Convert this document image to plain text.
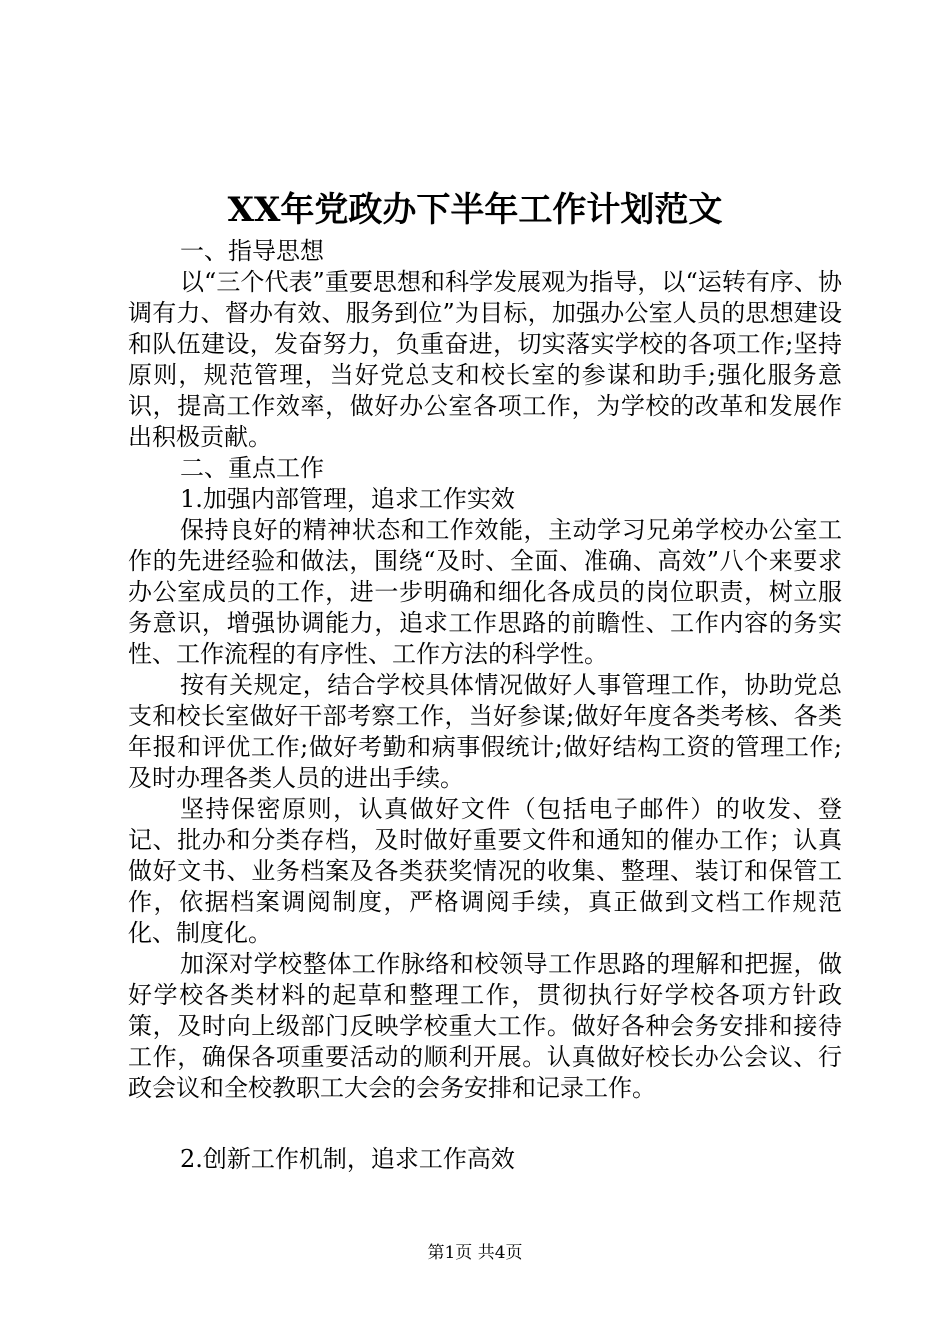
XX年党政办下半年工作计划范文

一、指导思想

以“三个代表”重要思想和科学发展观为指导，以“运转有序、协调有力、督办有效、服务到位”为目标，加强办公室人员的思想建设和队伍建设，发奋努力，负重奋进，切实落实学校的各项工作;坚持原则，规范管理，当好党总支和校长室的参谋和助手;强化服务意识，提高工作效率，做好办公室各项工作，为学校的改革和发展作出积极贡献。

二、重点工作

1.加强内部管理，追求工作实效

保持良好的精神状态和工作效能，主动学习兄弟学校办公室工作的先进经验和做法，围绕“及时、全面、准确、高效”八个来要求办公室成员的工作，进一步明确和细化各成员的岗位职责，树立服务意识，增强协调能力，追求工作思路的前瞻性、工作内容的务实性、工作流程的有序性、工作方法的科学性。

按有关规定，结合学校具体情况做好人事管理工作，协助党总支和校长室做好干部考察工作，当好参谋;做好年度各类考核、各类年报和评优工作;做好考勤和病事假统计;做好结构工资的管理工作;及时办理各类人员的进出手续。

坚持保密原则，认真做好文件（包括电子邮件）的收发、登记、批办和分类存档，及时做好重要文件和通知的催办工作；认真做好文书、业务档案及各类获奖情况的收集、整理、装订和保管工作，依据档案调阅制度，严格调阅手续，真正做到文档工作规范化、制度化。

加深对学校整体工作脉络和校领导工作思路的理解和把握，做好学校各类材料的起草和整理工作，贯彻执行好学校各项方针政策，及时向上级部门反映学校重大工作。做好各种会务安排和接待工作，确保各项重要活动的顺利开展。认真做好校长办公会议、行政会议和全校教职工大会的会务安排和记录工作。

2.创新工作机制，追求工作高效

第1页 共4页
